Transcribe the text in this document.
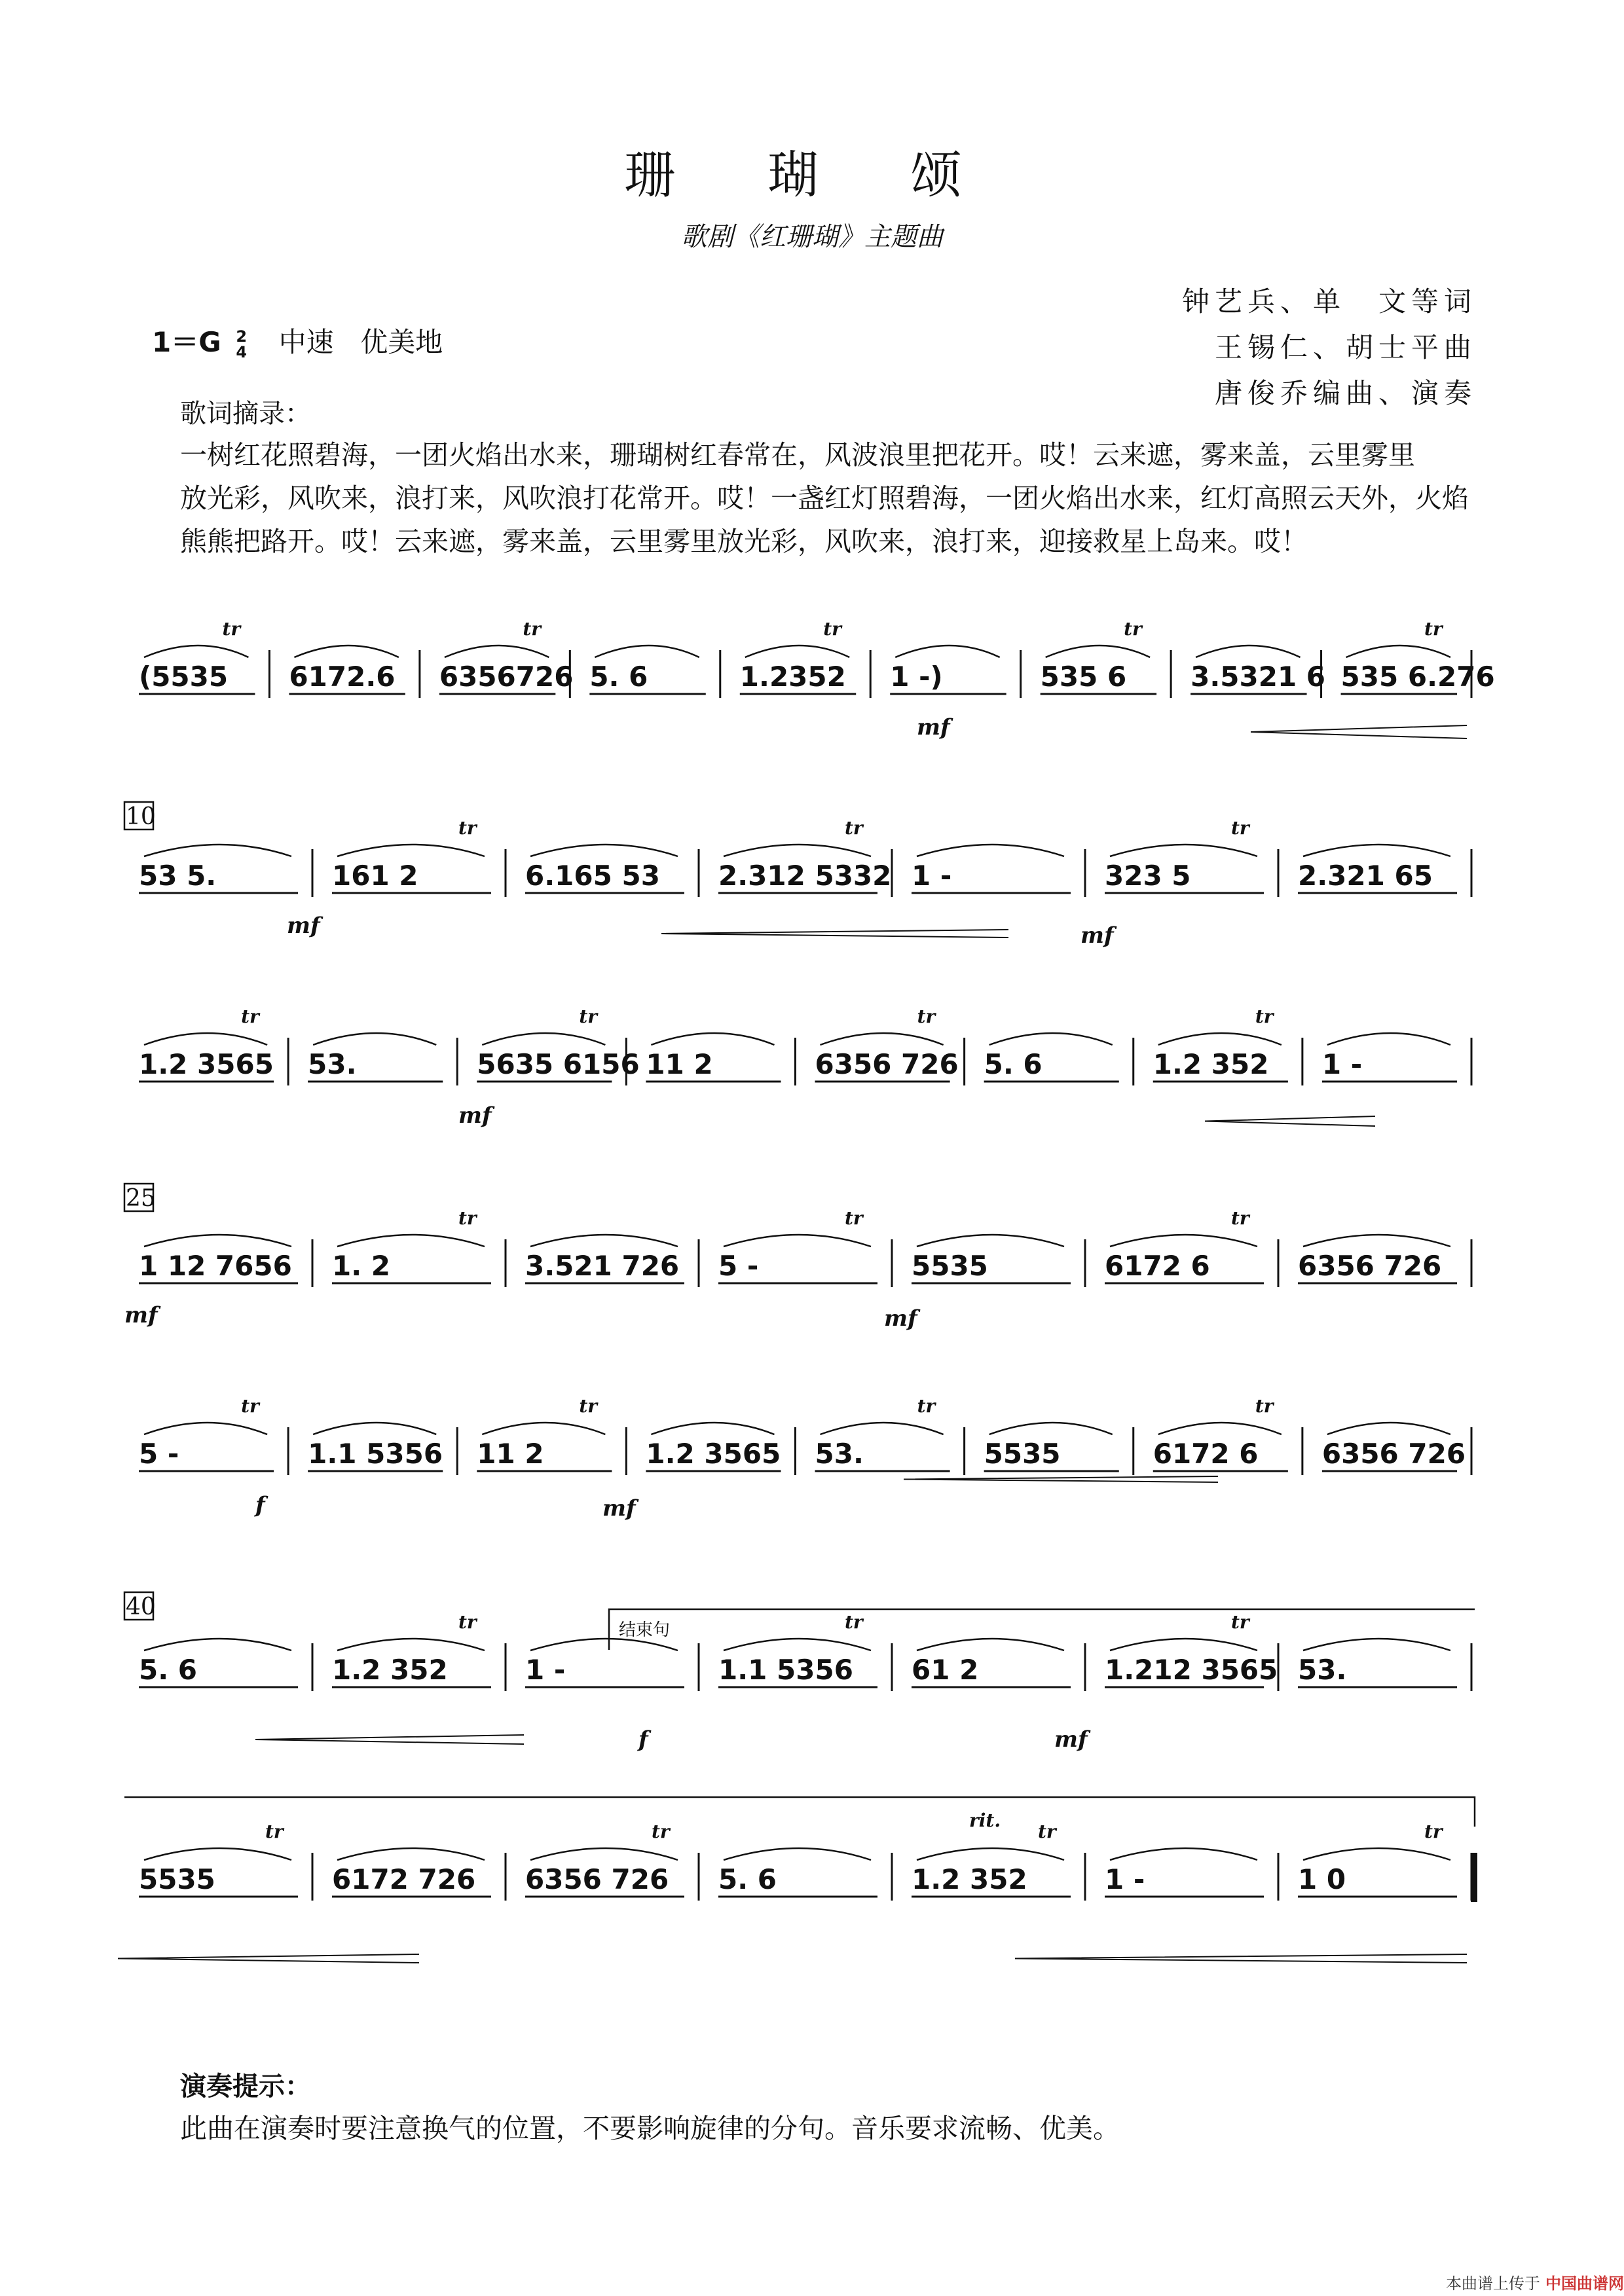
珊 瑚 颂
歌剧《红珊瑚》主题曲
钟艺兵、单　文等词
王锡仁、胡士平曲
唐俊乔编曲、演奏
1＝G 2
4 中速 优美地
歌词摘录：

一树红花照碧海，一团火焰出水来，珊瑚树红春常在，风波浪里把花开。哎！云来遮，雾来盖，云里雾里

放光彩，风吹来，浪打来，风吹浪打花常开。哎！一盏红灯照碧海，一团火焰出水来，红灯高照云天外，火焰

熊熊把路开。哎！云来遮，雾来盖，云里雾里放光彩，风吹来，浪打来，迎接救星上岛来。哎！

(5535
tr
6172.6 6356726
tr
5. 6	1.2352
tr
1 -)	535 6
tr
3.5321 6 535 6.276
tr
53 5.	161 2
tr
6.165 53 2.312 5332
tr
1 -	323 5
tr
2.321 65
1.2 3565
tr
53.	5635 6156
tr
11 2	6356 726
tr
5. 6	1.2 352
tr
1 -
1 12 7656 1. 2
tr
3.521 726 5 -
tr
5535	6172 6
tr
6356 726
5 -
tr
1.1 5356 11 2
tr
1.2 3565 53.
tr
5535	6172 6
tr
6356 726
5. 6	1.2 352
tr
1 -	1.1 5356
tr
61 2	1.212 3565
tr
53.
5535
tr
6172 726 6356 726
tr
5. 6	1.2 352
tr
1 -	1 0
tr
10
25
40
结束句
rit.
mf
mf	mf
mf
mf	mf
f	mf
f	mf
演奏提示：
此曲在演奏时要注意换气的位置，不要影响旋律的分句。音乐要求流畅、优美。
本曲谱上传于 中国曲谱网
